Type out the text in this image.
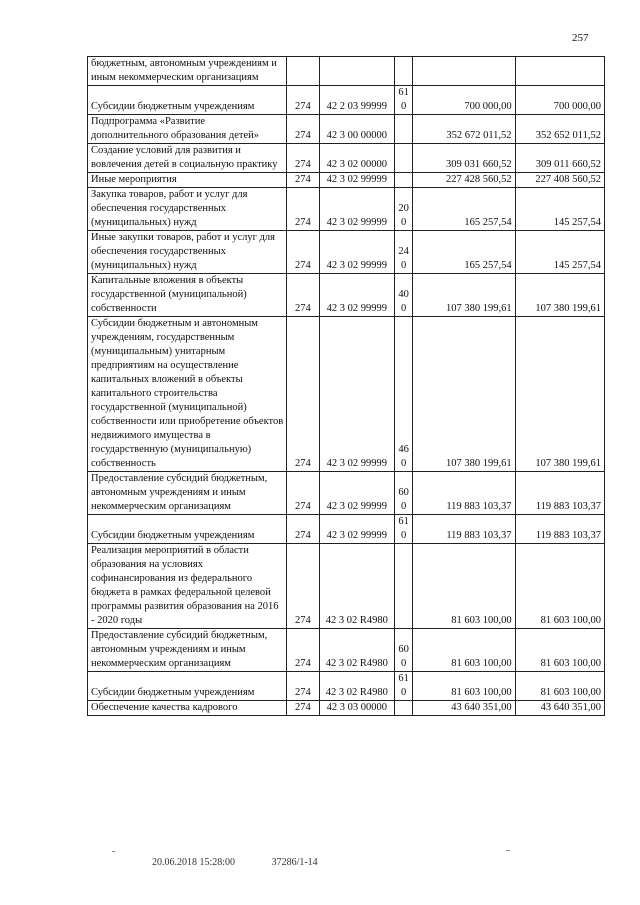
257
бюджетным, автономным учреждениям и иным некоммерческим организациям					
Субсидии бюджетным учреждениям	274	42 2 03 99999	610	700 000,00	700 000,00
Подпрограмма «Развитие дополнительного образования детей»	274	42 3 00 00000		352 672 011,52	352 652 011,52
Создание условий для развития и вовлечения детей в социальную практику	274	42 3 02 00000		309 031 660,52	309 011 660,52
Иные мероприятия	274	42 3 02 99999		227 428 560,52	227 408 560,52
Закупка товаров, работ и услуг для обеспечения государственных (муниципальных) нужд	274	42 3 02 99999	200	165 257,54	145 257,54
Иные закупки товаров, работ и услуг для обеспечения государственных (муниципальных) нужд	274	42 3 02 99999	240	165 257,54	145 257,54
Капитальные вложения в объекты государственной (муниципальной) собственности	274	42 3 02 99999	400	107 380 199,61	107 380 199,61
Субсидии бюджетным и автономным учреждениям, государственным (муниципальным) унитарным предприятиям на осуществление капитальных вложений в объекты капитального строительства государственной (муниципальной) собственности или приобретение объектов недвижимого имущества в государственную (муниципальную) собственность	274	42 3 02 99999	460	107 380 199,61	107 380 199,61
Предоставление субсидий бюджетным, автономным учреждениям и иным некоммерческим организациям	274	42 3 02 99999	600	119 883 103,37	119 883 103,37
Субсидии бюджетным учреждениям	274	42 3 02 99999	610	119 883 103,37	119 883 103,37
Реализация мероприятий в области образования на условиях софинансирования из федерального бюджета в рамках федеральной целевой программы развития образования на 2016 - 2020 годы	274	42 3 02 R4980		81 603 100,00	81 603 100,00
Предоставление субсидий бюджетным, автономным учреждениям и иным некоммерческим организациям	274	42 3 02 R4980	600	81 603 100,00	81 603 100,00
Субсидии бюджетным учреждениям	274	42 3 02 R4980	610	81 603 100,00	81 603 100,00
Обеспечение качества кадрового	274	42 3 03 00000		43 640 351,00	43 640 351,00
20.06.2018 15:28:00	37286/1-14
